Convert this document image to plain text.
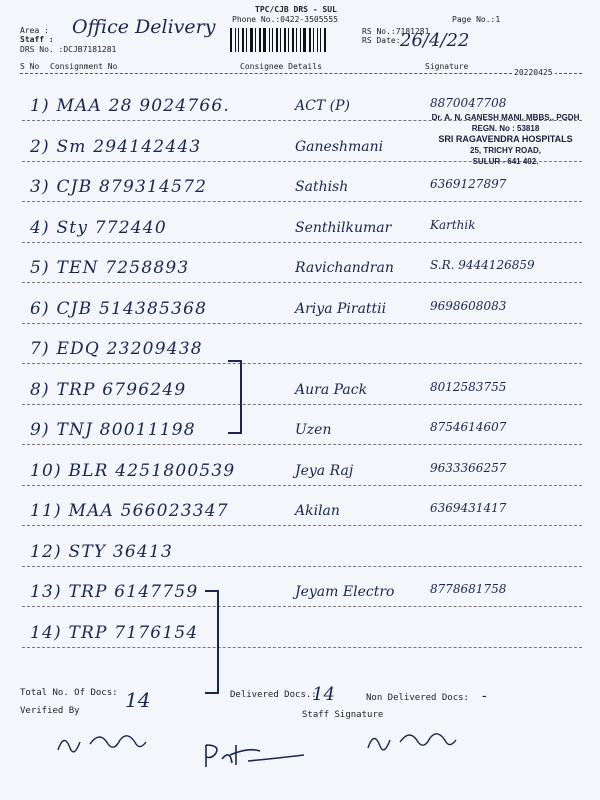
TPC/CJB DRS - SUL
Phone No.:0422-3505555
Area : Office Delivery
Staff :
DRS No. :DCJB7181281
RS No.:7181281
RS Date: 26/4/22
Page No.:1
S No Consignment No	Consignee Details	Signature
20220425
1) MAA 28 9024766.	ACT (P)	8870047708
2) Sm 294142443	Ganeshmani
3) CJB 879314572	Sathish	6369127897
4) Sty 772440	Senthilkumar	Karthik
5) TEN 7258893	Ravichandran	S.R. 9444126859
6) CJB 514385368	Ariya Pirattii	9698608083
7) EDQ 23209438
8) TRP 6796249	Aura Pack	8012583755
9) TNJ 80011198	Uzen	8754614607
10) BLR 4251800539	Jeya Raj	9633366257
11) MAA 566023347	Akilan	6369431417
12) STY 36413
13) TRP 6147759	Jeyam Electro	8778681758
14) TRP 7176154
Dr. A. N. GANESH MANI, MBBS., PGDH
REGN. No : 53818
SRI RAGAVENDRA HOSPITALS
25, TRICHY ROAD,
SULUR - 641 402.
Total No. Of Docs: 14	Delivered Docs.:
14	Non Delivered Docs: -
Verified By	Staff Signature
